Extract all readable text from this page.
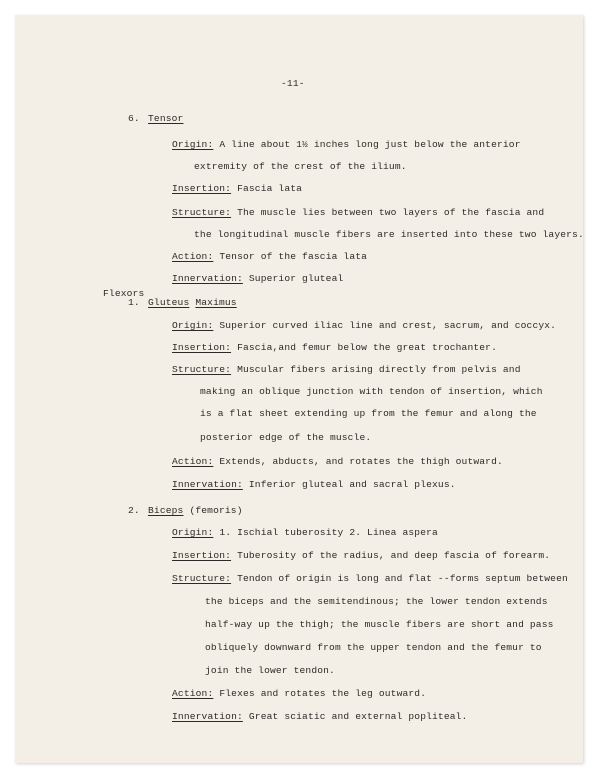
-11-
6. Tensor
Origin: A line about 1½ inches long just below the anterior
extremity of the crest of the ilium.
Insertion: Fascia lata
Structure: The muscle lies between two layers of the fascia and
the longitudinal muscle fibers are inserted into these two layers.
Action: Tensor of the fascia lata
Innervation: Superior gluteal
Flexors
1. Gluteus Maximus
Origin: Superior curved iliac line and crest, sacrum, and coccyx.
Insertion: Fascia,and femur below the great trochanter.
Structure: Muscular fibers arising directly from pelvis and
making an oblique junction with tendon of insertion, which
is a flat sheet extending up from the femur and along the
posterior edge of the muscle.
Action: Extends, abducts, and rotates the thigh outward.
Innervation: Inferior gluteal and sacral plexus.
2. Biceps (femoris)
Origin: 1. Ischial tuberosity 2. Linea aspera
Insertion: Tuberosity of the radius, and deep fascia of forearm.
Structure: Tendon of origin is long and flat --forms septum between
the biceps and the semitendinous; the lower tendon extends
half-way up the thigh; the muscle fibers are short and pass
obliquely downward from the upper tendon and the femur to
join the lower tendon.
Action: Flexes and rotates the leg outward.
Innervation: Great sciatic and external popliteal.
